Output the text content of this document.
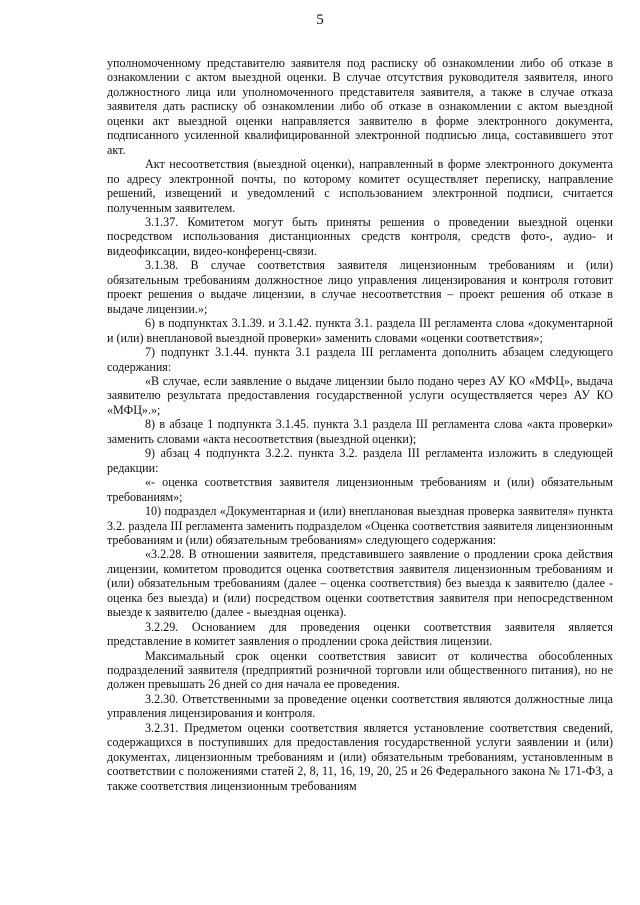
5

уполномоченному представителю заявителя под расписку об ознакомлении либо об отказе в ознакомлении с актом выездной оценки. В случае отсутствия руководителя заявителя, иного должностного лица или уполномоченного представителя заявителя, а также в случае отказа заявителя дать расписку об ознакомлении либо об отказе в ознакомлении с актом выездной оценки акт выездной оценки направляется заявителю в форме электронного документа, подписанного усиленной квалифицированной электронной подписью лица, составившего этот акт.

Акт несоответствия (выездной оценки), направленный в форме электронного документа по адресу электронной почты, по которому комитет осуществляет переписку, направление решений, извещений и уведомлений с использованием электронной подписи, считается полученным заявителем.

3.1.37. Комитетом могут быть приняты решения о проведении выездной оценки посредством использования дистанционных средств контроля, средств фото-, аудио- и видеофиксации, видео-конференц-связи.

3.1.38. В случае соответствия заявителя лицензионным требованиям и (или) обязательным требованиям должностное лицо управления лицензирования и контроля готовит проект решения о выдаче лицензии, в случае несоответствия – проект решения об отказе в выдаче лицензии.»;

6) в подпунктах 3.1.39. и 3.1.42. пункта 3.1. раздела III регламента слова «документарной и (или) внеплановой выездной проверки» заменить словами «оценки соответствия»;

7) подпункт 3.1.44. пункта 3.1 раздела III регламента дополнить абзацем следующего содержания:

«В случае, если заявление о выдаче лицензии было подано через АУ КО «МФЦ», выдача заявителю результата предоставления государственной услуги осуществляется через АУ КО «МФЦ».»;

8) в абзаце 1 подпункта 3.1.45. пункта 3.1 раздела III регламента слова «акта проверки» заменить словами «акта несоответствия (выездной оценки);

9) абзац 4 подпункта 3.2.2. пункта 3.2. раздела III регламента изложить в следующей редакции:

«- оценка соответствия заявителя лицензионным требованиям и (или) обязательным требованиям»;

10) подраздел «Документарная и (или) внеплановая выездная проверка заявителя» пункта 3.2. раздела III регламента заменить подразделом «Оценка соответствия заявителя лицензионным требованиям и (или) обязательным требованиям» следующего содержания:

«3.2.28. В отношении заявителя, представившего заявление о продлении срока действия лицензии, комитетом проводится оценка соответствия заявителя лицензионным требованиям и (или) обязательным требованиям (далее – оценка соответствия) без выезда к заявителю (далее - оценка без выезда) и (или) посредством оценки соответствия заявителя при непосредственном выезде к заявителю (далее - выездная оценка).

3.2.29. Основанием для проведения оценки соответствия заявителя является представление в комитет заявления о продлении срока действия лицензии.

Максимальный срок оценки соответствия зависит от количества обособленных подразделений заявителя (предприятий розничной торговли или общественного питания), но не должен превышать 26 дней со дня начала ее проведения.

3.2.30. Ответственными за проведение оценки соответствия являются должностные лица управления лицензирования и контроля.

3.2.31. Предметом оценки соответствия является установление соответствия сведений, содержащихся в поступивших для предоставления государственной услуги заявлении и (или) документах, лицензионным требованиям и (или) обязательным требованиям, установленным в соответствии с положениями статей 2, 8, 11, 16, 19, 20, 25 и 26 Федерального закона № 171-ФЗ, а также соответствия лицензионным требованиям
